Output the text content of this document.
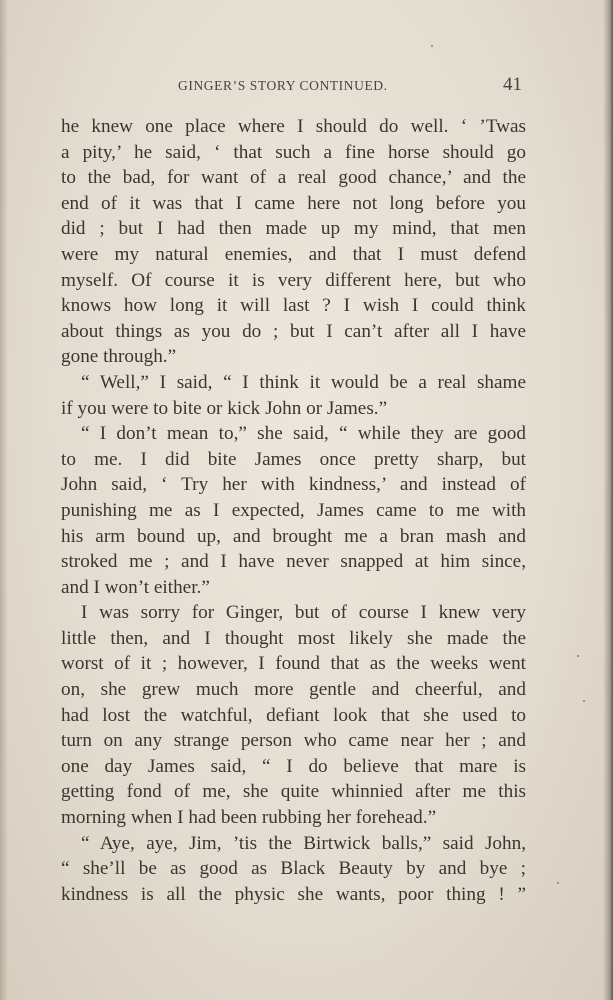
GINGER’S STORY CONTINUED.	41
he knew one place where I should do well. ‘ ’Twas
a pity,’ he said, ‘ that such a fine horse should go
to the bad, for want of a real good chance,’ and the
end of it was that I came here not long before you
did ; but I had then made up my mind, that men
were my natural enemies, and that I must defend
myself. Of course it is very different here, but who
knows how long it will last ? I wish I could think
about things as you do ; but I can’t after all I have
gone through.”
“ Well,” I said, “ I think it would be a real shame
if you were to bite or kick John or James.”
“ I don’t mean to,” she said, “ while they are good
to me. I did bite James once pretty sharp, but
John said, ‘ Try her with kindness,’ and instead of
punishing me as I expected, James came to me with
his arm bound up, and brought me a bran mash and
stroked me ; and I have never snapped at him since,
and I won’t either.”
I was sorry for Ginger, but of course I knew very
little then, and I thought most likely she made the
worst of it ; however, I found that as the weeks went
on, she grew much more gentle and cheerful, and
had lost the watchful, defiant look that she used to
turn on any strange person who came near her ; and
one day James said, “ I do believe that mare is
getting fond of me, she quite whinnied after me this
morning when I had been rubbing her forehead.”
“ Aye, aye, Jim, ’tis the Birtwick balls,” said John,
“ she’ll be as good as Black Beauty by and bye ;
kindness is all the physic she wants, poor thing ! ”
